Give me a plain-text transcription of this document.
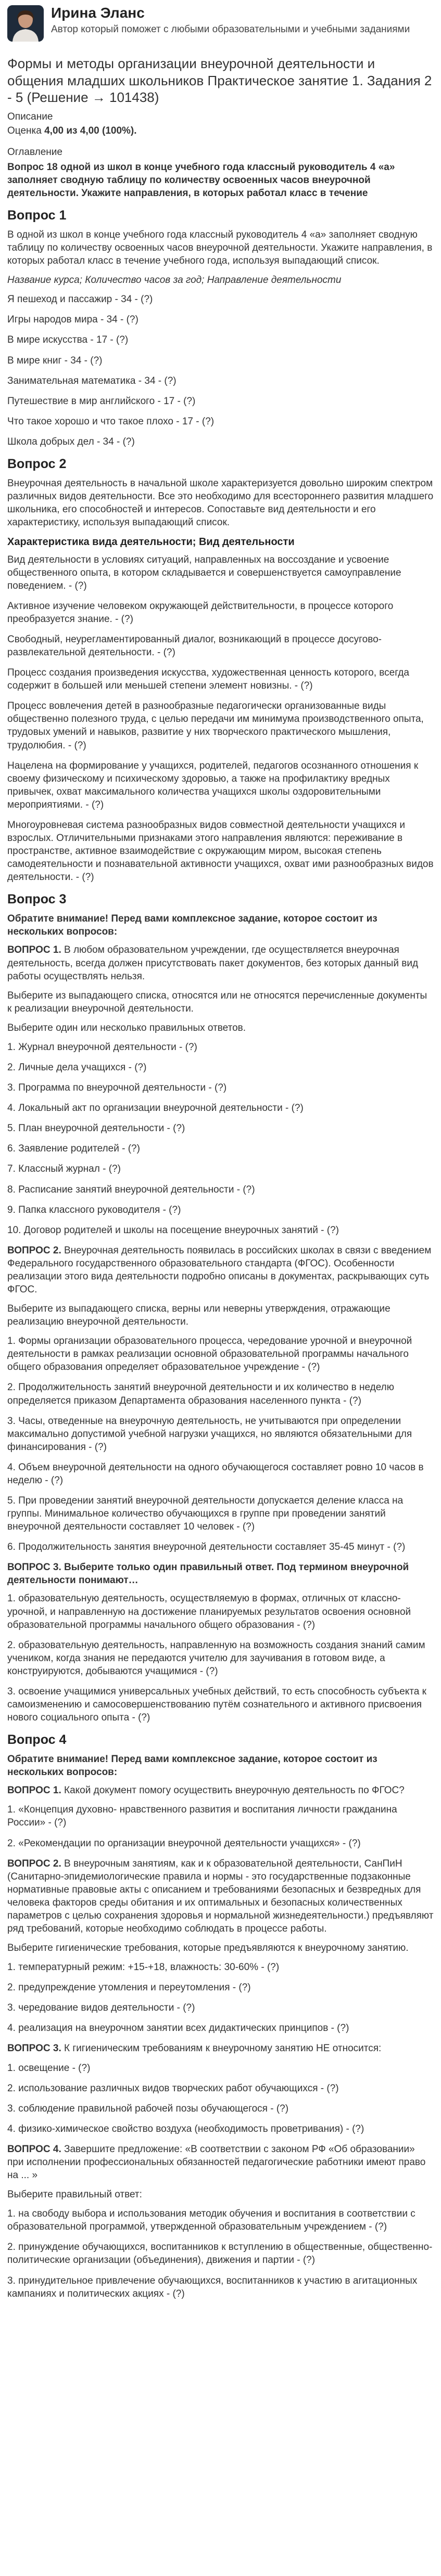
Ирина Эланс
Автор который поможет с любыми образовательными и учебными заданиями
Формы и методы организации внеурочной деятельности и общения младших школьников Практическое занятие 1. Задания 2 - 5 (Решение → 101438)
Описание
Оценка 4,00 из 4,00 (100%).
Оглавление
Вопрос 18 одной из школ в конце учебного года классный руководитель 4 «а» заполняет сводную таблицу по количеству освоенных часов внеурочной деятельности. Укажите направления, в которых работал класс в течение
Вопрос 1

В одной из школ в конце учебного года классный руководитель 4 «а» заполняет сводную таблицу по количеству освоенных часов внеурочной деятельности. Укажите направления, в которых работал класс в течение учебного года, используя выпадающий список.

Название курса; Количество часов за год; Направление деятельности

Я пешеход и пассажир - 34 - (?)
Игры народов мира - 34 - (?)
В мире искусства - 17 - (?)
В мире книг - 34 - (?)
Занимательная математика - 34 - (?)
Путешествие в мир английского - 17 - (?)
Что такое хорошо и что такое плохо - 17 - (?)
Школа добрых дел - 34 - (?)
Вопрос 2

Внеурочная деятельность в начальной школе характеризуется довольно широким спектром различных видов деятельности. Все это необходимо для всестороннего развития младшего школьника, его способностей и интересов. Сопоставьте вид деятельности и его характеристику, используя выпадающий список.

Характеристика вида деятельности; Вид деятельности
Вид деятельности в условиях ситуаций, направленных на воссоздание и усвоение общественного опыта, в котором складывается и совершенствуется самоуправление поведением. - (?)
Активное изучение человеком окружающей действительности, в процессе которого преобразуется знание. - (?)
Свободный, неурегламентированный диалог, возникающий в процессе досугово-развлекательной деятельности. - (?)
Процесс создания произведения искусства, художественная ценность которого, всегда содержит в большей или меньшей степени элемент новизны. - (?)
Процесс вовлечения детей в разнообразные педагогически организованные виды общественно полезного труда, с целью передачи им минимума производственного опыта, трудовых умений и навыков, развитие у них творческого практического мышления, трудолюбия. - (?)
Нацелена на формирование у учащихся, родителей, педагогов осознанного отношения к своему физическому и психическому здоровью, а также на профилактику вредных привычек, охват максимального количества учащихся школы оздоровительными мероприятиями. - (?)
Многоуровневая система разнообразных видов совместной деятельности учащихся и взрослых. Отличительными признаками этого направления являются: переживание в пространстве, активное взаимодействие с окружающим миром, высокая степень самодеятельности и познавательной активности учащихся, охват ими разнообразных видов деятельности. - (?)
Вопрос 3
Обратите внимание! Перед вами комплексное задание, которое состоит из нескольких вопросов:

ВОПРОС 1. В любом образовательном учреждении, где осуществляется внеурочная деятельность, всегда должен присутствовать пакет документов, без которых данный вид работы осуществлять нельзя.

Выберите из выпадающего списка, относятся или не относятся перечисленные документы к реализации внеурочной деятельности.

Выберите один или несколько правильных ответов.

1. Журнал внеурочной деятельности - (?)
2. Личные дела учащихся - (?)
3. Программа по внеурочной деятельности - (?)
4. Локальный акт по организации внеурочной деятельности - (?)
5. План внеурочной деятельности - (?)
6. Заявление родителей - (?)
7. Классный журнал - (?)
8. Расписание занятий внеурочной деятельности - (?)
9. Папка классного руководителя - (?)
10. Договор родителей и школы на посещение внеурочных занятий - (?)

ВОПРОС 2. Внеурочная деятельность появилась в российских школах в связи с введением Федерального государственного образовательного стандарта (ФГОС). Особенности реализации этого вида деятельности подробно описаны в документах, раскрывающих суть ФГОС.

Выберите из выпадающего списка, верны или неверны утверждения, отражающие реализацию внеурочной деятельности.

1. Формы организации образовательного процесса, чередование урочной и внеурочной деятельности в рамках реализации основной образовательной программы начального общего образования определяет образовательное учреждение - (?)
2. Продолжительность занятий внеурочной деятельности и их количество в неделю определяется приказом Департамента образования населенного пункта - (?)
3. Часы, отведенные на внеурочную деятельность, не учитываются при определении максимально допустимой учебной нагрузки учащихся, но являются обязательными для финансирования - (?)
4. Объем внеурочной деятельности на одного обучающегося составляет ровно 10 часов в неделю - (?)
5. При проведении занятий внеурочной деятельности допускается деление класса на группы. Минимальное количество обучающихся в группе при проведении занятий внеурочной деятельности составляет 10 человек - (?)
6. Продолжительность занятия внеурочной деятельности составляет 35-45 минут - (?)
ВОПРОС 3. Выберите только один правильный ответ. Под термином внеурочной деятельности понимают…
1. образовательную деятельность, осуществляемую в формах, отличных от классно-урочной, и направленную на достижение планируемых результатов освоения основной образовательной программы начального общего образования - (?)
2. образовательную деятельность, направленную на возможность создания знаний самим учеником, когда знания не передаются учителю для заучивания в готовом виде, а конструируются, добываются учащимися - (?)
3. освоение учащимися универсальных учебных действий, то есть способность субъекта к самоизменению и самосовершенствованию путём сознательного и активного присвоения нового социального опыта - (?)
Вопрос 4
Обратите внимание! Перед вами комплексное задание, которое состоит из нескольких вопросов:

ВОПРОС 1. Какой документ помогу осуществить внеурочную деятельность по ФГОС?

1. «Концепция духовно- нравственного развития и воспитания личности гражданина России» - (?)
2. «Рекомендации по организации внеурочной деятельности учащихся» - (?)

ВОПРОС 2. В внеурочным занятиям, как и к образовательной деятельности, СанПиН (Санитарно-эпидемиологические правила и нормы - это государственные подзаконные нормативные правовые акты с описанием и требованиями безопасных и безвредных для человека факторов среды обитания и их оптимальных и безопасных количественных параметров с целью сохранения здоровья и нормальной жизнедеятельности.) предъявляют ряд требований, которые необходимо соблюдать в процессе работы.

Выберите гигиенические требования, которые предъявляются к внеурочному занятию.

1. температурный режим: +15-+18, влажность: 30-60% - (?)
2. предупреждение утомления и переутомления - (?)
3. чередование видов деятельности - (?)
4. реализация на внеурочном занятии всех дидактических принципов - (?)

ВОПРОС 3. К гигиеническим требованиям к внеурочному занятию НЕ относится:

1. освещение - (?)
2. использование различных видов творческих работ обучающихся - (?)
3. соблюдение правильной рабочей позы обучающегося - (?)
4. физико-химическое свойство воздуха (необходимость проветривания) - (?)

ВОПРОС 4. Завершите предложение: «В соответствии с законом РФ «Об образовании» при исполнении профессиональных обязанностей педагогические работники имеют право на ... »

Выберите правильный ответ:

1. на свободу выбора и использования методик обучения и воспитания в соответствии с образовательной программой, утвержденной образовательным учреждением - (?)
2. принуждение обучающихся, воспитанников к вступлению в общественные, общественно-политические организации (объединения), движения и партии - (?)
3. принудительное привлечение обучающихся, воспитанников к участию в агитационных кампаниях и политических акциях - (?)
